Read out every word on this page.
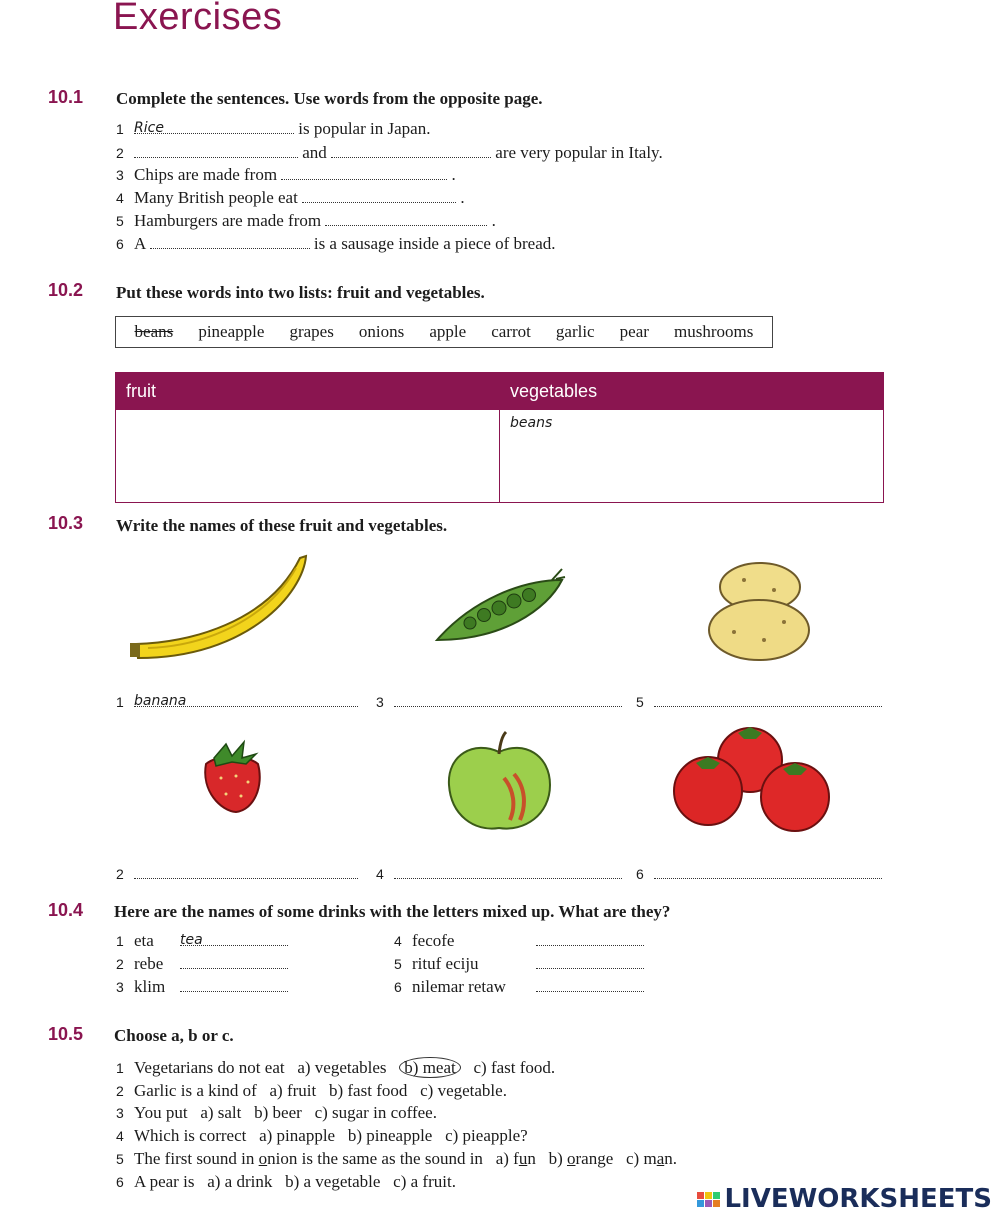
Exercises
10.1 Complete the sentences. Use words from the opposite page.
1 Rice	is popular in Japan.
2	and	are very popular in Italy.
3 Chips are made from	.
4 Many British people eat	.
5 Hamburgers are made from	.
6 A	is a sausage inside a piece of bread.
10.2 Put these words into two lists: fruit and vegetables.
beans pineapple grapes onions apple carrot garlic pear mushrooms
fruit	vegetables
	beans
10.3 Write the names of these fruit and vegetables.
1 banana	3	5
2	4	6
10.4 Here are the names of some drinks with the letters mixed up. What are they?
1 eta tea
2 rebe
3 klim
4 fecofe
5 rituf eciju
6 nilemar retaw
10.5 Choose a, b or c.
1 Vegetarians do not eat a) vegetables b) meat c) fast food.
2 Garlic is a kind of a) fruit b) fast food c) vegetable.
3 You put a) salt b) beer c) sugar in coffee.
4 Which is correct a) pinapple b) pineapple c) pieapple?
5 The first sound in onion is the same as the sound in a) fun b) orange c) man.
6 A pear is a) a drink b) a vegetable c) a fruit.
LIVEWORKSHEETS
